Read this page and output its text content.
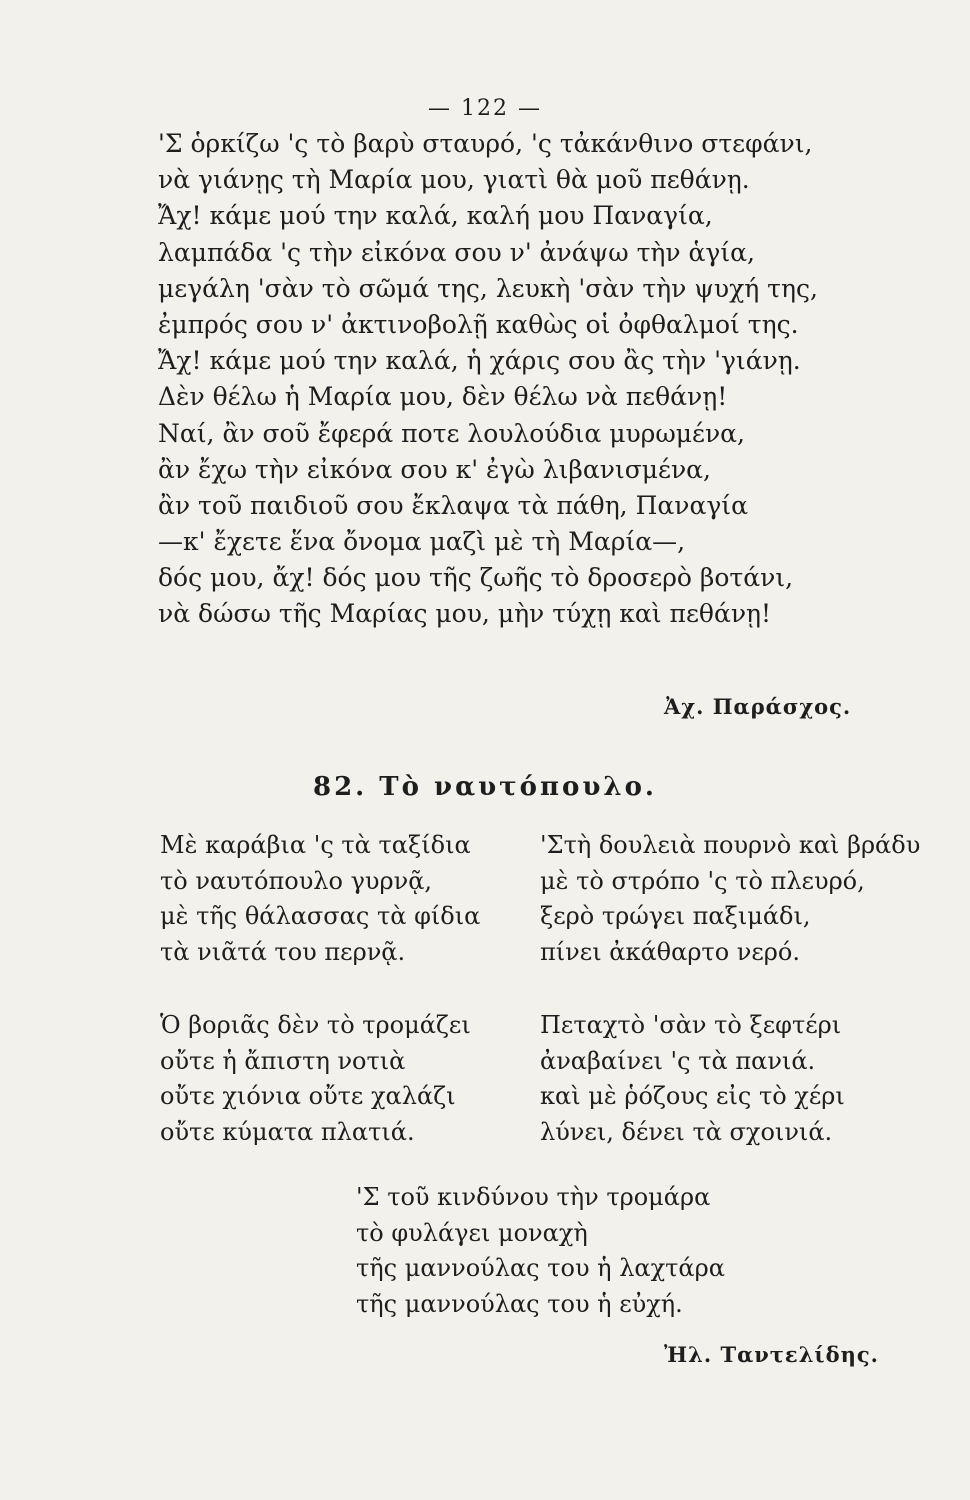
— 122 —
'Σ ὁρκίζω 'ς τὸ βαρὺ σταυρό, 'ς τἀκάνθινο στεφάνι,
νὰ γιάνῃς τὴ Μαρία μου, γιατὶ θὰ μοῦ πεθάνῃ.
Ἄχ! κάμε μού την καλά, καλή μου Παναγία,
λαμπάδα 'ς τὴν εἰκόνα σου ν' ἀνάψω τὴν ἁγία,
μεγάλη 'σὰν τὸ σῶμά της, λευκὴ 'σὰν τὴν ψυχή της,
ἐμπρός σου ν' ἀκτινοβολῇ καθὼς οἱ ὀφθαλμοί της.
Ἄχ! κάμε μού την καλά, ἡ χάρις σου ἂς τὴν 'γιάνῃ.
Δὲν θέλω ἡ Μαρία μου, δὲν θέλω νὰ πεθάνῃ!
Ναί, ἂν σοῦ ἔφερά ποτε λουλούδια μυρωμένα,
ἂν ἔχω τὴν εἰκόνα σου κ' ἐγὼ λιβανισμένα,
ἂν τοῦ παιδιοῦ σου ἔκλαψα τὰ πάθη, Παναγία
—κ' ἔχετε ἕνα ὄνομα μαζὶ μὲ τὴ Μαρία—,
δός μου, ἄχ! δός μου τῆς ζωῆς τὸ δροσερὸ βοτάνι,
νὰ δώσω τῆς Μαρίας μου, μὴν τύχῃ καὶ πεθάνῃ!
Ἀχ. Παράσχος.
82. Τὸ ναυτόπουλο.
Μὲ καράβια 'ς τὰ ταξίδια
τὸ ναυτόπουλο γυρνᾷ,
μὲ τῆς θάλασσας τὰ φίδια
τὰ νιᾶτά του περνᾷ.
'Στὴ δουλειὰ πουρνὸ καὶ βράδυ
μὲ τὸ στρόπο 'ς τὸ πλευρό,
ξερὸ τρώγει παξιμάδι,
πίνει ἀκάθαρτο νερό.
Ὁ βοριᾶς δὲν τὸ τρομάζει
οὔτε ἡ ἄπιστη νοτιὰ
οὔτε χιόνια οὔτε χαλάζι
οὔτε κύματα πλατιά.
Πεταχτὸ 'σὰν τὸ ξεφτέρι
ἀναβαίνει 'ς τὰ πανιά.
καὶ μὲ ῥόζους εἰς τὸ χέρι
λύνει, δένει τὰ σχοινιά.
'Σ τοῦ κινδύνου τὴν τρομάρα
τὸ φυλάγει μοναχὴ
τῆς μαννούλας του ἡ λαχτάρα
τῆς μαννούλας του ἡ εὐχή.
Ἠλ. Ταντελίδης.
